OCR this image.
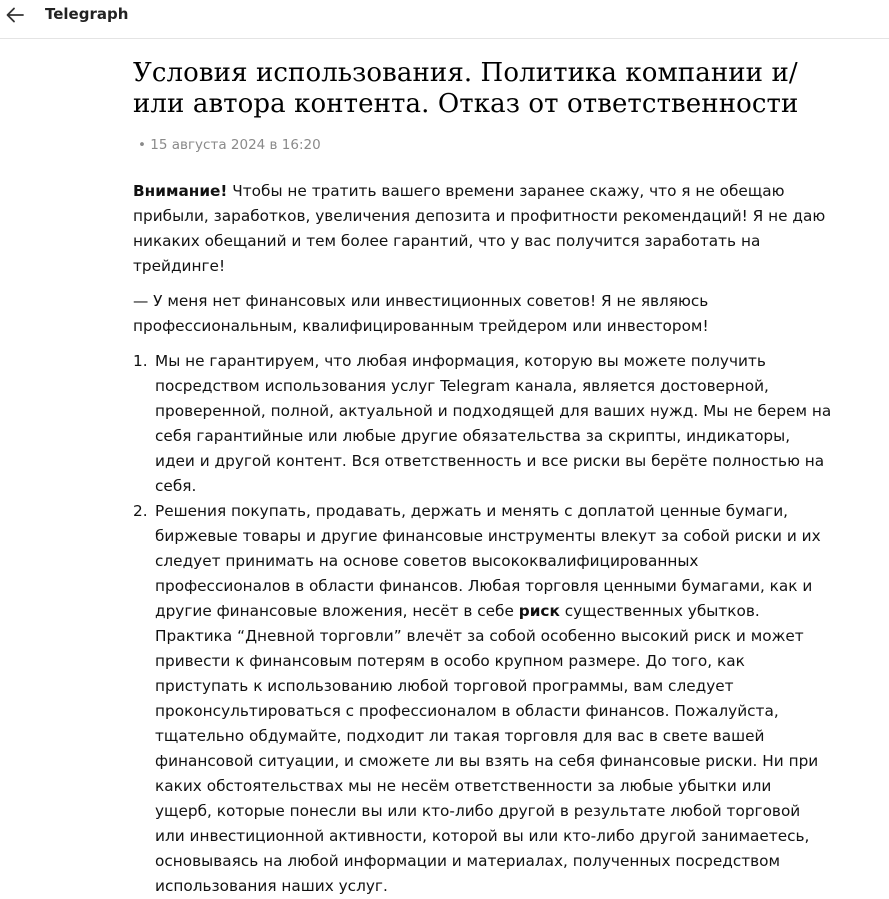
Telegraph
Условия использования. Политика компании и/или автора контента. Отказ от ответственности
• 15 августа 2024 в 16:20

Внимание! Чтобы не тратить вашего времени заранее скажу, что я не обещаю прибыли, заработков, увеличения депозита и профитности рекомендаций! Я не даю никаких обещаний и тем более гарантий, что у вас получится заработать на трейдинге!

— У меня нет финансовых или инвестиционных советов! Я не являюсь профессиональным, квалифицированным трейдером или инвестором!

1. Мы не гарантируем, что любая информация, которую вы можете получить посредством использования услуг Telegram канала, является достоверной, проверенной, полной, актуальной и подходящей для ваших нужд. Мы не берем на себя гарантийные или любые другие обязательства за скрипты, индикаторы, идеи и другой контент. Вся ответственность и все риски вы берёте полностью на себя.
2. Решения покупать, продавать, держать и менять с доплатой ценные бумаги, биржевые товары и другие финансовые инструменты влекут за собой риски и их следует принимать на основе советов высококвалифицированных профессионалов в области финансов. Любая торговля ценными бумагами, как и другие финансовые вложения, несёт в себе риск существенных убытков. Практика “Дневной торговли” влечёт за собой особенно высокий риск и может привести к финансовым потерям в особо крупном размере. До того, как приступать к использованию любой торговой программы, вам следует проконсультироваться с профессионалом в области финансов. Пожалуйста, тщательно обдумайте, подходит ли такая торговля для вас в свете вашей финансовой ситуации, и сможете ли вы взять на себя финансовые риски. Ни при каких обстоятельствах мы не несём ответственности за любые убытки или ущерб, которые понесли вы или кто-либо другой в результате любой торговой или инвестиционной активности, которой вы или кто-либо другой занимаетесь, основываясь на любой информации и материалах, полученных посредством использования наших услуг.
